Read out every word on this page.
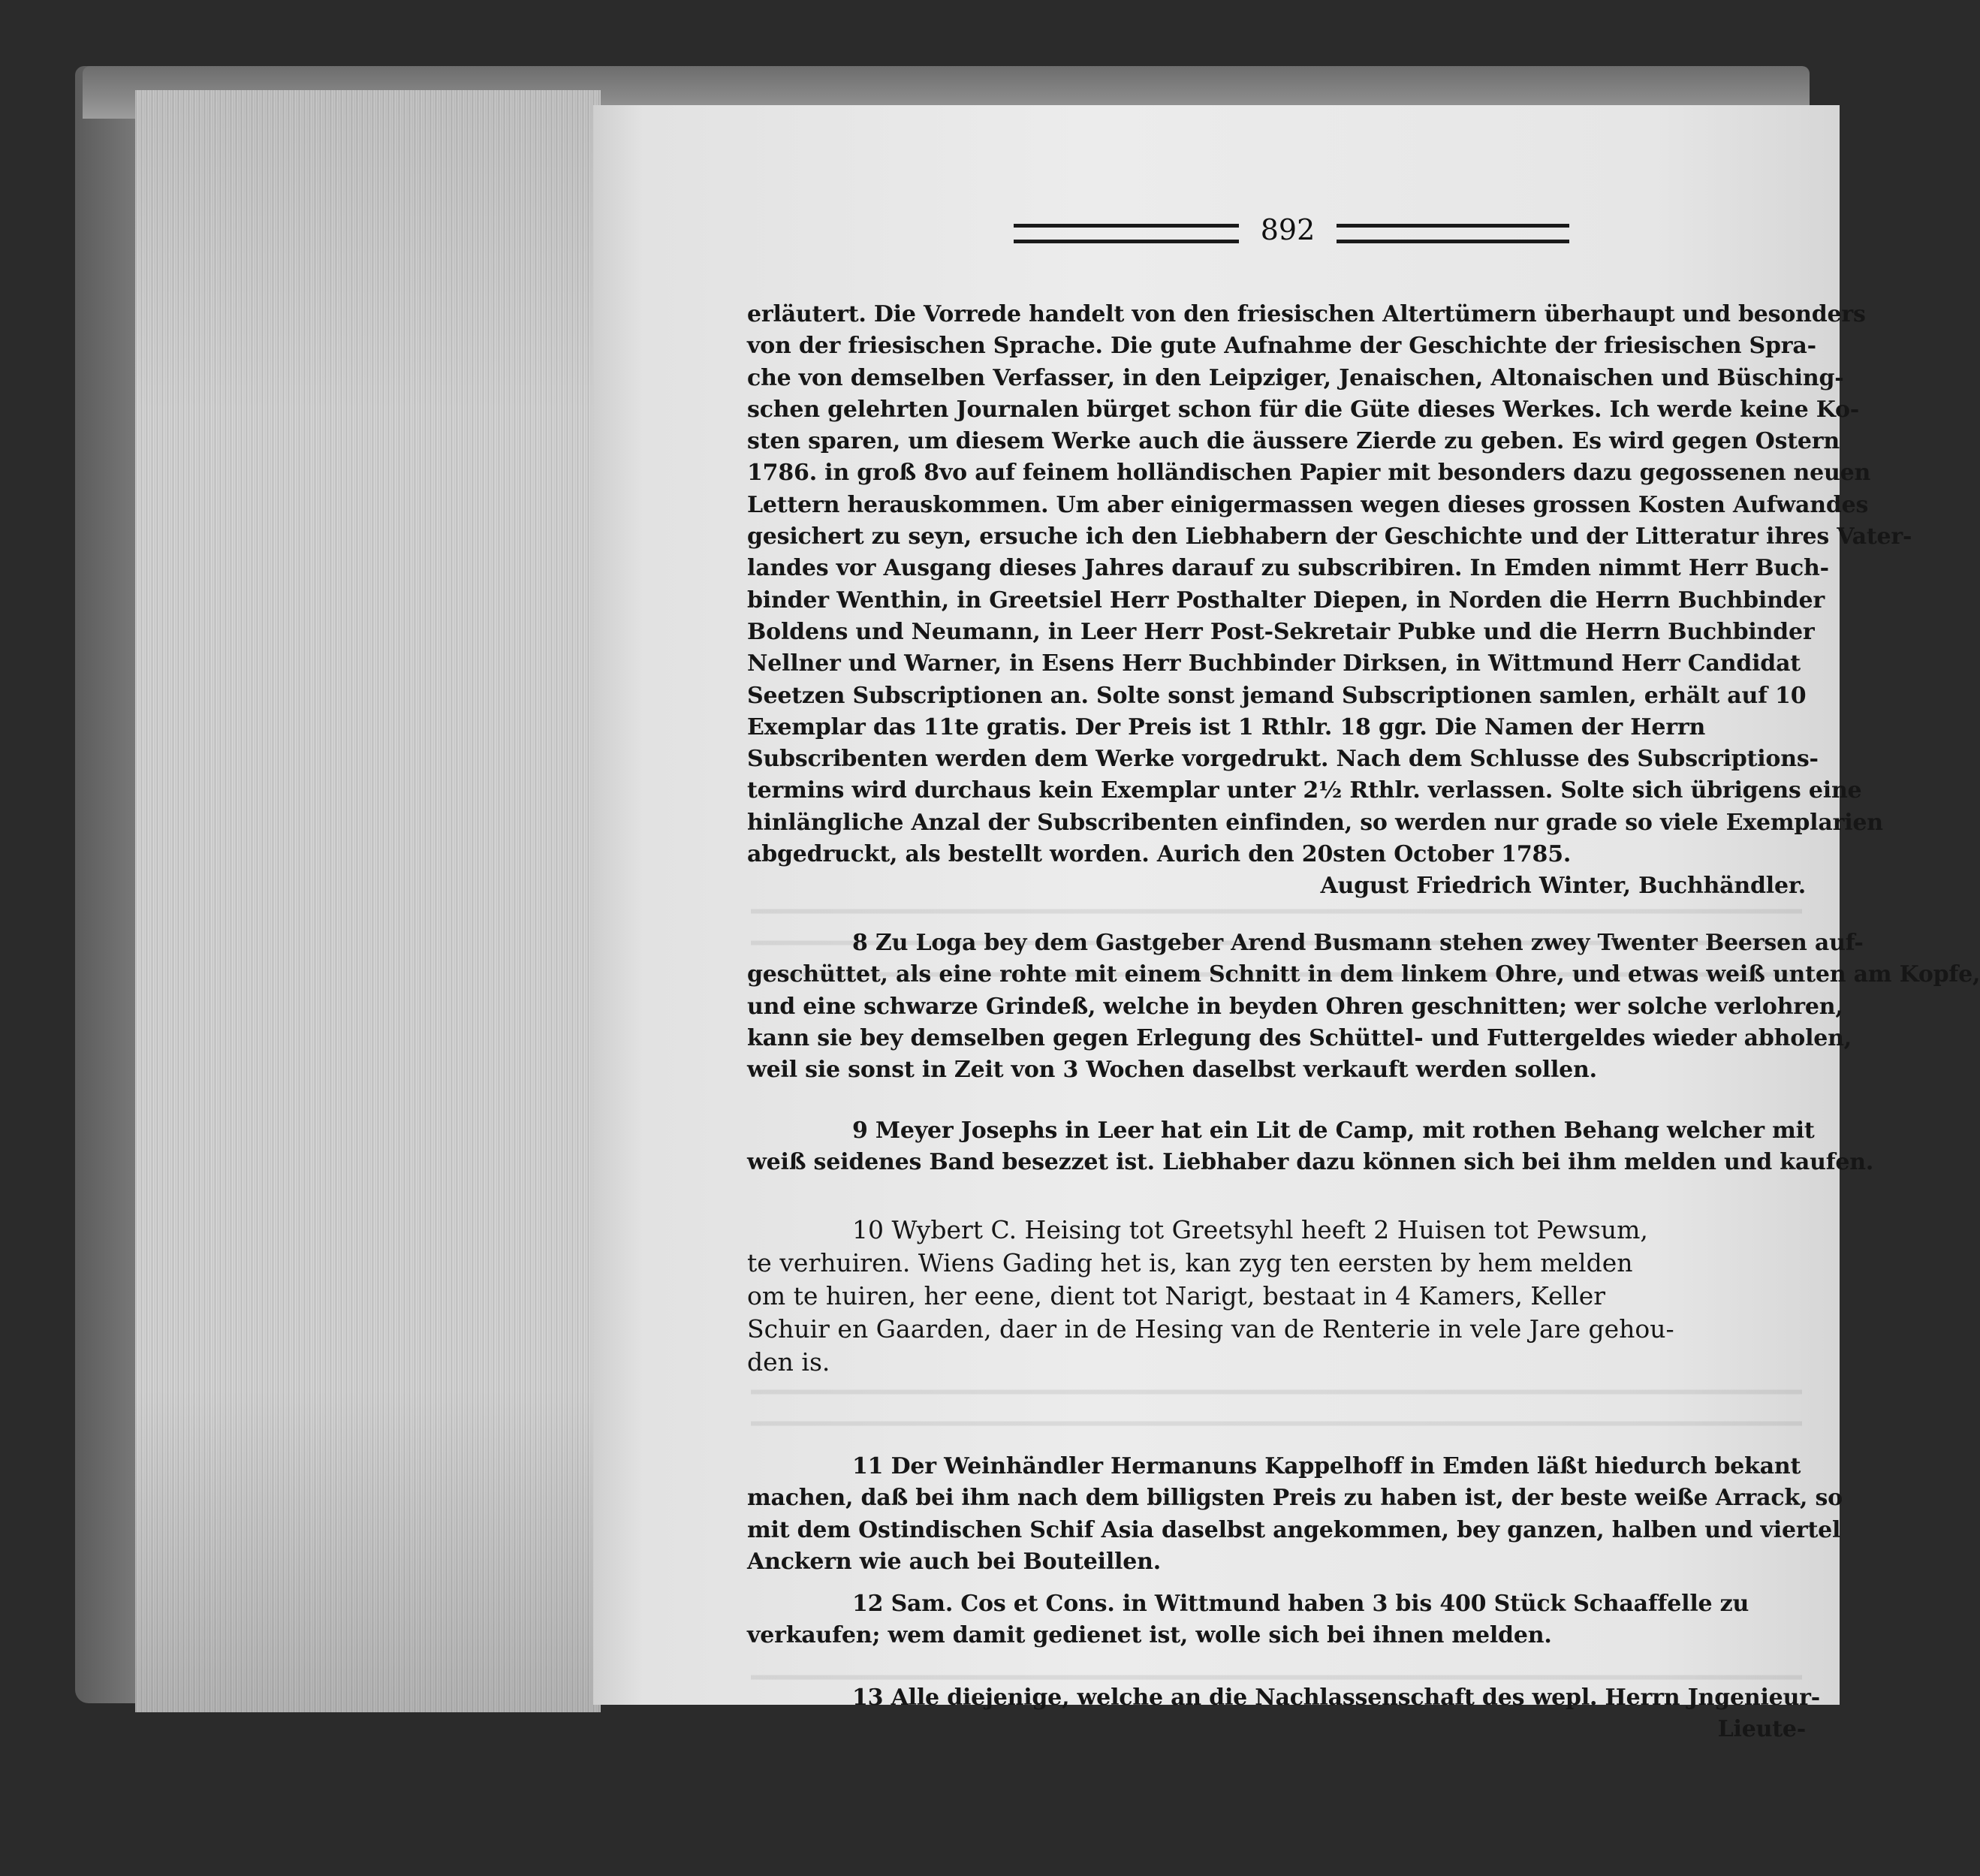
892
erläutert. Die Vorrede handelt von den friesischen Altertümern überhaupt und besonders
von der friesischen Sprache. Die gute Aufnahme der Geschichte der friesischen Spra-
che von demselben Verfasser, in den Leipziger, Jenaischen, Altonaischen und Büsching-
schen gelehrten Journalen bürget schon für die Güte dieses Werkes. Ich werde keine Ko-
sten sparen, um diesem Werke auch die äussere Zierde zu geben. Es wird gegen Ostern
1786. in groß 8vo auf feinem holländischen Papier mit besonders dazu gegossenen neuen
Lettern herauskommen. Um aber einigermassen wegen dieses grossen Kosten Aufwandes
gesichert zu seyn, ersuche ich den Liebhabern der Geschichte und der Litteratur ihres Vater-
landes vor Ausgang dieses Jahres darauf zu subscribiren. In Emden nimmt Herr Buch-
binder Wenthin, in Greetsiel Herr Posthalter Diepen, in Norden die Herrn Buchbinder
Boldens und Neumann, in Leer Herr Post-Sekretair Pubke und die Herrn Buchbinder
Nellner und Warner, in Esens Herr Buchbinder Dirksen, in Wittmund Herr Candidat
Seetzen Subscriptionen an. Solte sonst jemand Subscriptionen samlen, erhält auf 10
Exemplar das 11te gratis. Der Preis ist 1 Rthlr. 18 ggr. Die Namen der Herrn
Subscribenten werden dem Werke vorgedrukt. Nach dem Schlusse des Subscriptions-
termins wird durchaus kein Exemplar unter 2½ Rthlr. verlassen. Solte sich übrigens eine
hinlängliche Anzal der Subscribenten einfinden, so werden nur grade so viele Exemplarien
abgedruckt, als bestellt worden. Aurich den 20sten October 1785.
August Friedrich Winter, Buchhändler.
8 Zu Loga bey dem Gastgeber Arend Busmann stehen zwey Twenter Beersen auf-
geschüttet, als eine rohte mit einem Schnitt in dem linkem Ohre, und etwas weiß unten am Kopfe,
und eine schwarze Grindeß, welche in beyden Ohren geschnitten; wer solche verlohren,
kann sie bey demselben gegen Erlegung des Schüttel- und Futtergeldes wieder abholen,
weil sie sonst in Zeit von 3 Wochen daselbst verkauft werden sollen.
9 Meyer Josephs in Leer hat ein Lit de Camp, mit rothen Behang welcher mit
weiß seidenes Band besezzet ist. Liebhaber dazu können sich bei ihm melden und kaufen.
10 Wybert C. Heising tot Greetsyhl heeft 2 Huisen tot Pewsum,
te verhuiren. Wiens Gading het is, kan zyg ten eersten by hem melden
om te huiren, her eene, dient tot Narigt, bestaat in 4 Kamers, Keller
Schuir en Gaarden, daer in de Hesing van de Renterie in vele Jare gehou-
den is.
11 Der Weinhändler Hermanuns Kappelhoff in Emden läßt hiedurch bekant
machen, daß bei ihm nach dem billigsten Preis zu haben ist, der beste weiße Arrack, so
mit dem Ostindischen Schif Asia daselbst angekommen, bey ganzen, halben und viertel
Anckern wie auch bei Bouteillen.
12 Sam. Cos et Cons. in Wittmund haben 3 bis 400 Stück Schaaffelle zu
verkaufen; wem damit gedienet ist, wolle sich bei ihnen melden.
13 Alle diejenige, welche an die Nachlassenschaft des wepl. Herrn Jngenieur-
Lieute-
